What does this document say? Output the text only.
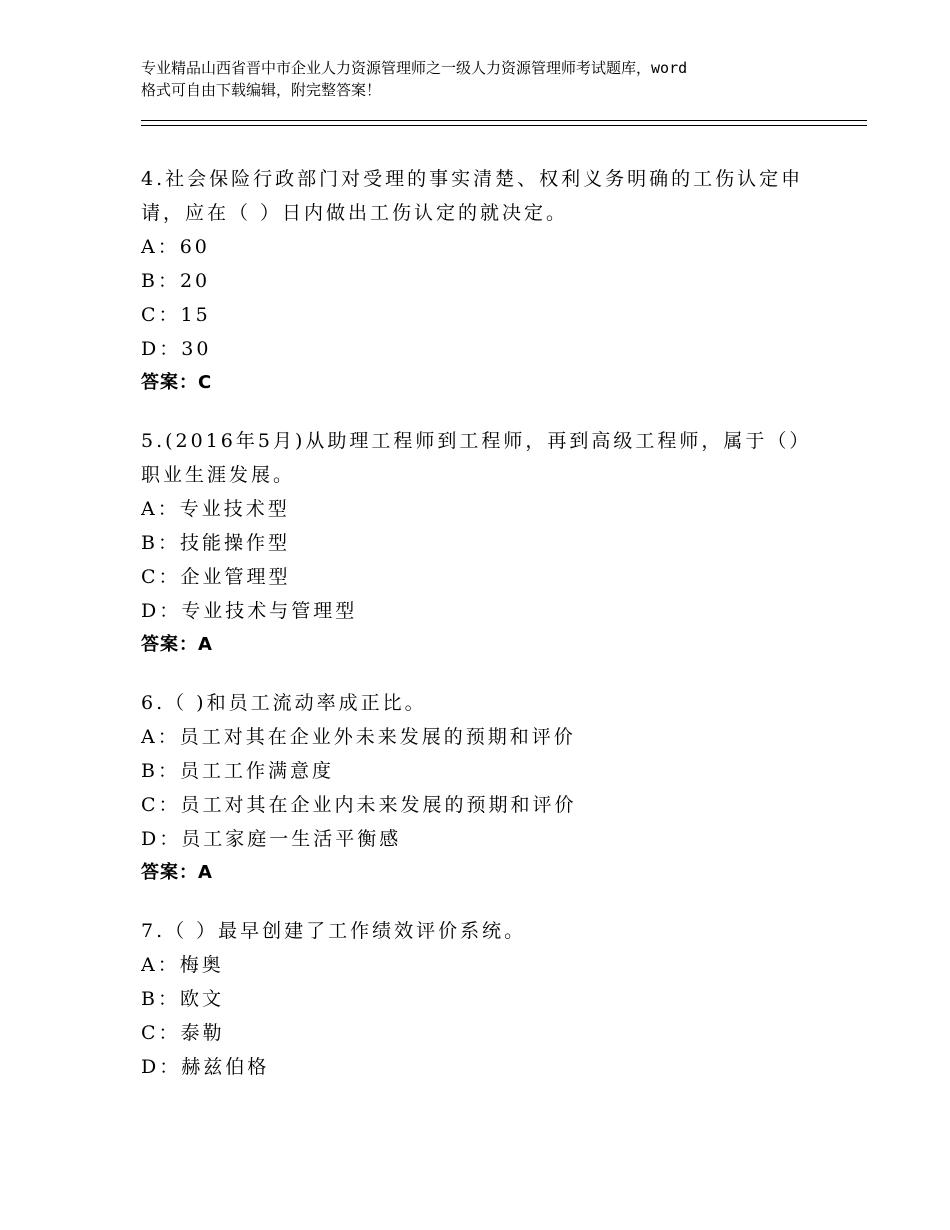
专业精品山西省晋中市企业人力资源管理师之一级人力资源管理师考试题库，word
格式可自由下载编辑，附完整答案！
4.社会保险行政部门对受理的事实清楚、权利义务明确的工伤认定申
请，应在（ ）日内做出工伤认定的就决定。
A：60
B：20
C：15
D：30
答案：C
5.(2016年5月)从助理工程师到工程师，再到高级工程师，属于（）
职业生涯发展。
A：专业技术型
B：技能操作型
C：企业管理型
D：专业技术与管理型
答案：A
6.（ )和员工流动率成正比。
A：员工对其在企业外未来发展的预期和评价
B：员工工作满意度
C：员工对其在企业内未来发展的预期和评价
D：员工家庭一生活平衡感
答案：A
7.（ ）最早创建了工作绩效评价系统。
A：梅奥
B：欧文
C：泰勒
D：赫兹伯格
